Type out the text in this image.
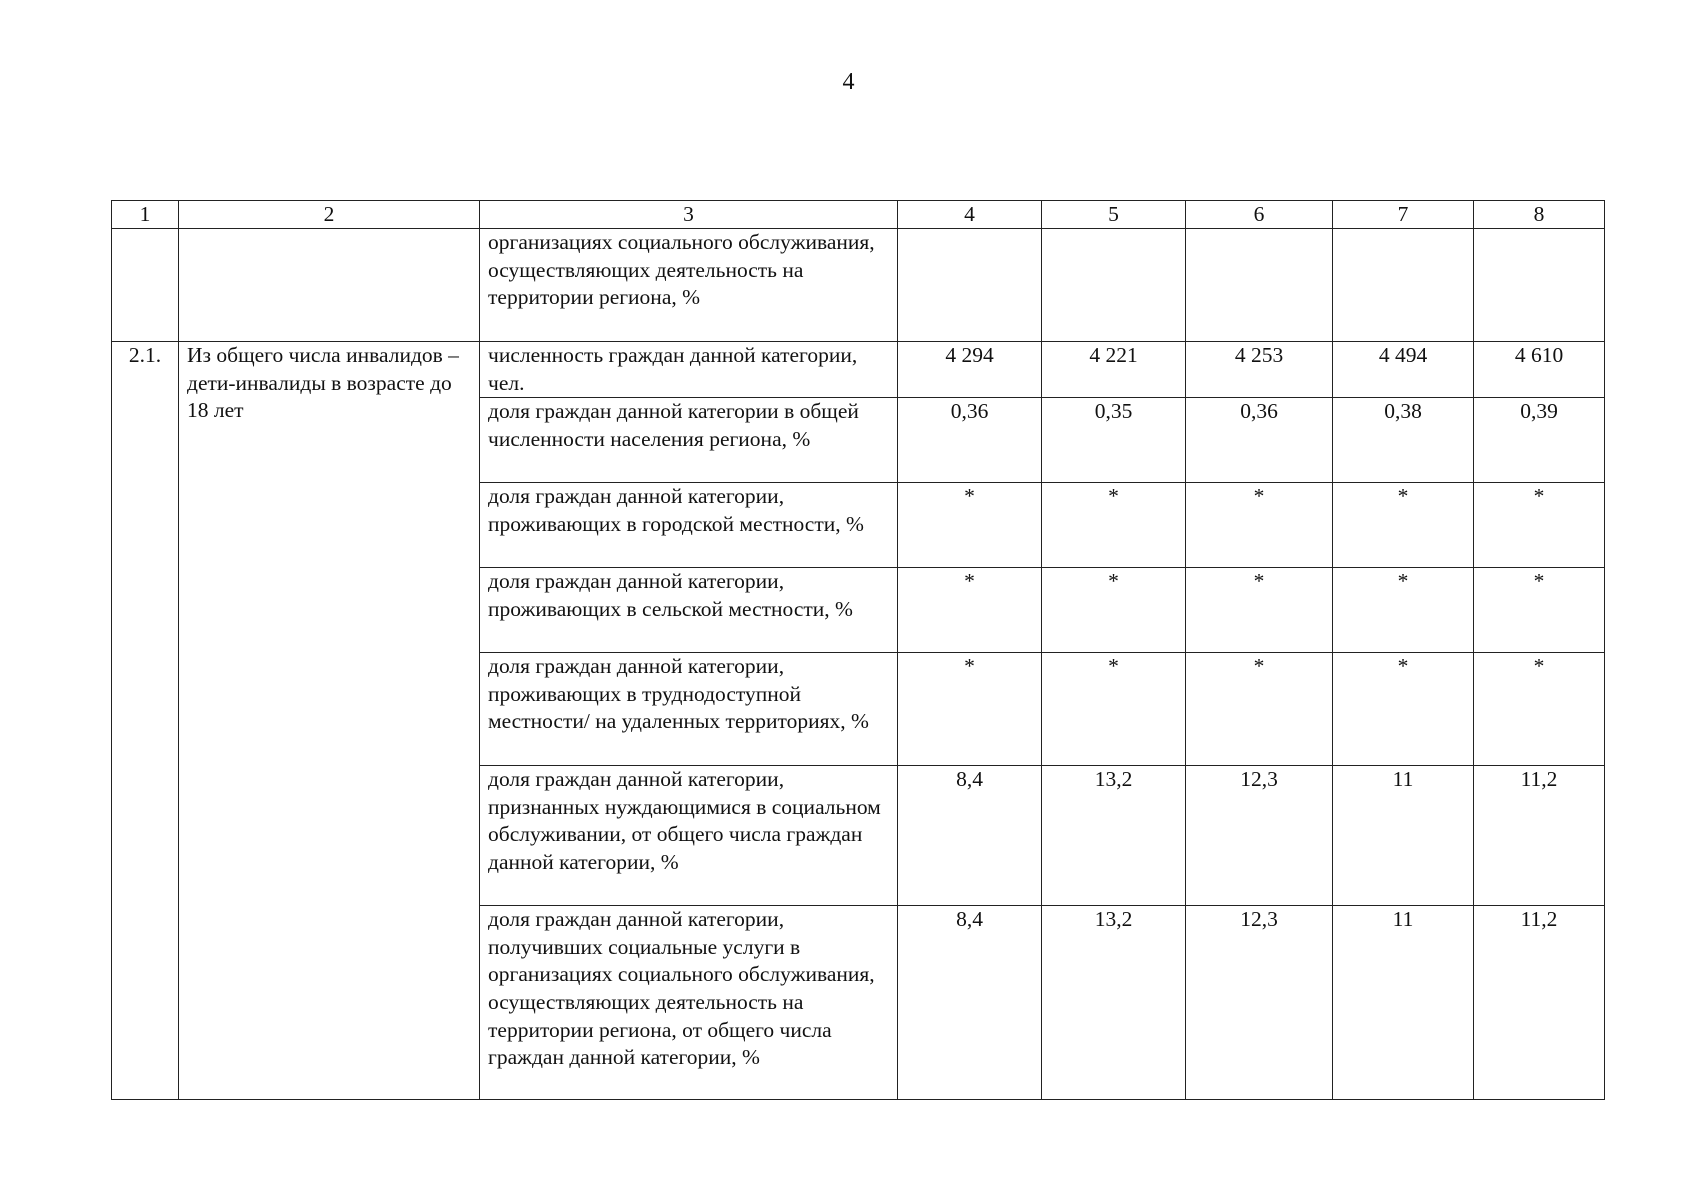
4
1	2	3	4	5	6	7	8
		организациях социального обслуживания, осуществляющих деятельность на территории региона, %					
2.1.	Из общего числа инвалидов – дети-инвалиды в возрасте до 18 лет	численность граждан данной категории, чел.	4 294	4 221	4 253	4 494	4 610
		доля граждан данной категории в общей численности населения региона, %	0,36	0,35	0,36	0,38	0,39
		доля граждан данной категории, проживающих в городской местности, %	*	*	*	*	*
		доля граждан данной категории, проживающих в сельской местности, %	*	*	*	*	*
		доля граждан данной категории, проживающих в труднодоступной местности/ на удаленных территориях, %	*	*	*	*	*
		доля граждан данной категории, признанных нуждающимися в социальном обслуживании, от общего числа граждан данной категории, %	8,4	13,2	12,3	11	11,2
		доля граждан данной категории, получивших социальные услуги в организациях социального обслуживания, осуществляющих деятельность на территории региона, от общего числа граждан данной категории, %	8,4	13,2	12,3	11	11,2
